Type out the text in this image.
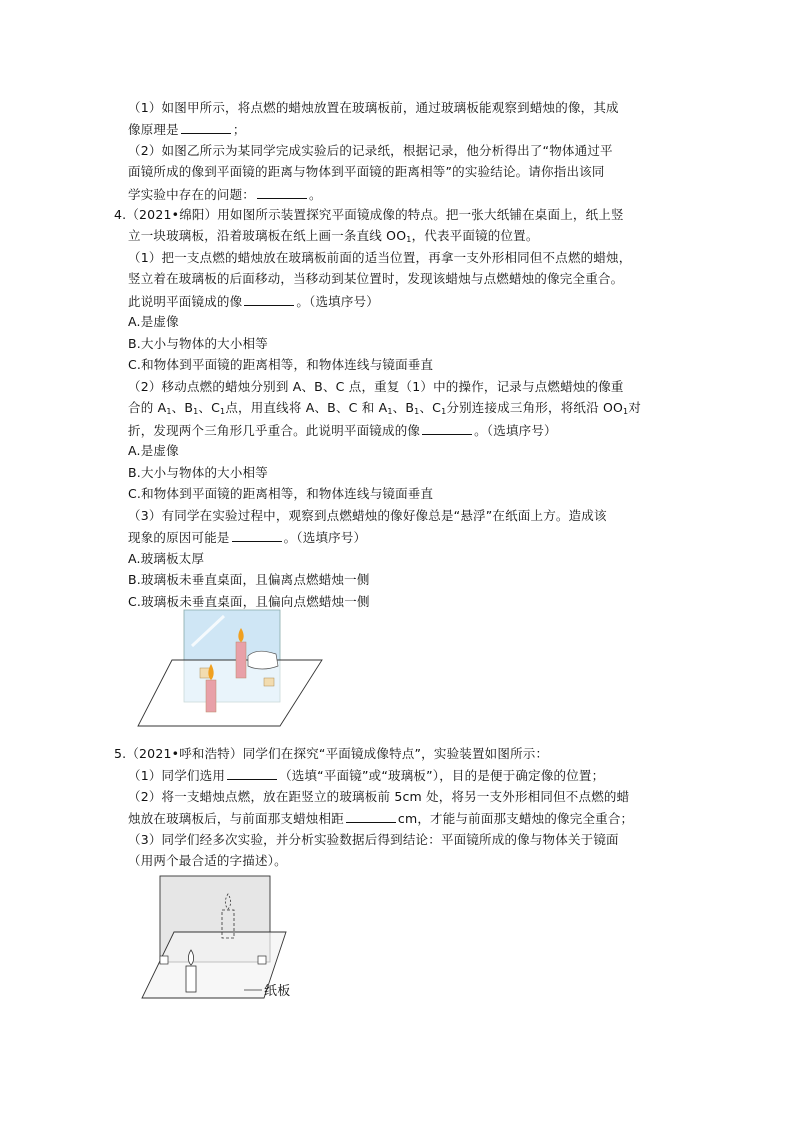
（1）如图甲所示，将点燃的蜡烛放置在玻璃板前，通过玻璃板能观察到蜡烛的像，其成
像原理是	；
（2）如图乙所示为某同学完成实验后的记录纸，根据记录，他分析得出了“物体通过平
面镜所成的像到平面镜的距离与物体到平面镜的距离相等”的实验结论。请你指出该同
学实验中存在的问题：	。
4.（2021•绵阳）用如图所示装置探究平面镜成像的特点。把一张大纸铺在桌面上，纸上竖
立一块玻璃板，沿着玻璃板在纸上画一条直线 $OO_1$，代表平面镜的位置。
（1）把一支点燃的蜡烛放在玻璃板前面的适当位置，再拿一支外形相同但不点燃的蜡烛，
竖立着在玻璃板的后面移动，当移动到某位置时，发现该蜡烛与点燃蜡烛的像完全重合。
此说明平面镜成的像	。（选填序号）
A.是虚像
B.大小与物体的大小相等
C.和物体到平面镜的距离相等，和物体连线与镜面垂直
（2）移动点燃的蜡烛分别到 A、B、C 点，重复（1）中的操作，记录与点燃蜡烛的像重
合的 $A_1$、$B_1$、$C_1$点，用直线将 A、B、C 和 $A_1$、$B_1$、$C_1$分别连接成三角形，将纸沿 $OO_1$对
折，发现两个三角形几乎重合。此说明平面镜成的像	。（选填序号）
A.是虚像
B.大小与物体的大小相等
C.和物体到平面镜的距离相等，和物体连线与镜面垂直
（3）有同学在实验过程中，观察到点燃蜡烛的像好像总是“悬浮”在纸面上方。造成该
现象的原因可能是	。（选填序号）
A.玻璃板太厚
B.玻璃板未垂直桌面，且偏离点燃蜡烛一侧
C.玻璃板未垂直桌面，且偏向点燃蜡烛一侧
5.（2021•呼和浩特）同学们在探究“平面镜成像特点”，实验装置如图所示：
（1）同学们选用	（选填“平面镜”或“玻璃板”），目的是便于确定像的位置；
（2）将一支蜡烛点燃，放在距竖立的玻璃板前 5cm 处，将另一支外形相同但不点燃的蜡
烛放在玻璃板后，与前面那支蜡烛相距	cm，才能与前面那支蜡烛的像完全重合；
（3）同学们经多次实验，并分析实验数据后得到结论：平面镜所成的像与物体关于镜面
（用两个最合适的字描述）。
纸板
